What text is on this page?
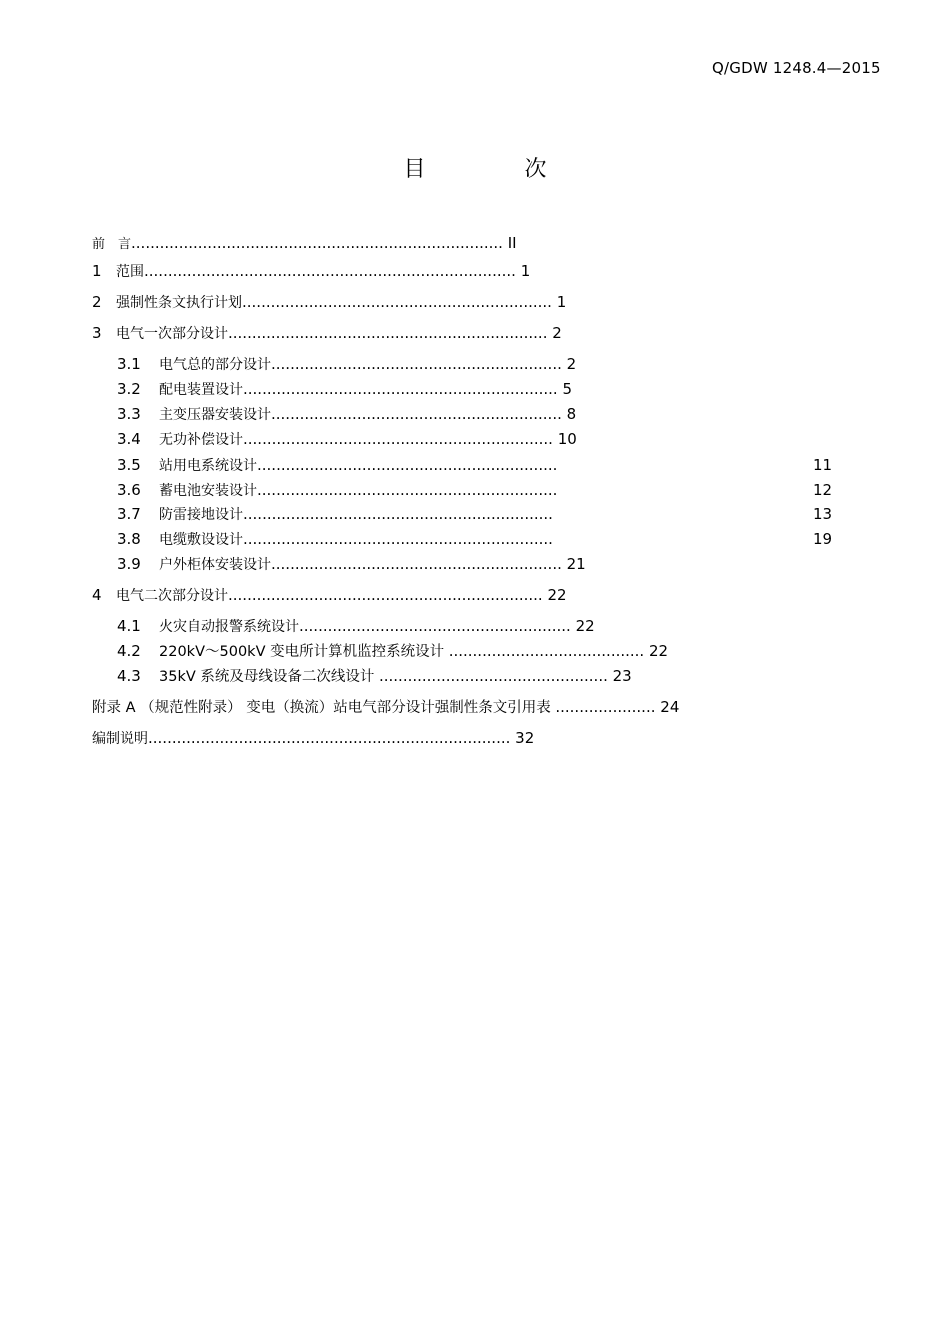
Q/GDW 1248.4—2015
目 次
前　言.............................................................................. II
1 范围.............................................................................. 1
2 强制性条文执行计划................................................................. 1
3 电气一次部分设计................................................................... 2
3.1 电气总的部分设计............................................................. 2
3.2 配电装置设计.................................................................. 5
3.3 主变压器安装设计............................................................. 8
3.4 无功补偿设计................................................................. 10
3.5 站用电系统设计...............................................................	11
3.6 蓄电池安装设计...............................................................	12
3.7 防雷接地设计.................................................................	13
3.8 电缆敷设设计.................................................................	19
3.9 户外柜体安装设计............................................................. 21
4 电气二次部分设计.................................................................. 22
4.1 火灾自动报警系统设计......................................................... 22
4.2 220kV～500kV 变电所计算机监控系统设计 ......................................... 22
4.3 35kV 系统及母线设备二次线设计 ................................................ 23
附录 A （规范性附录） 变电（换流）站电气部分设计强制性条文引用表 ..................... 24
编制说明............................................................................ 32
